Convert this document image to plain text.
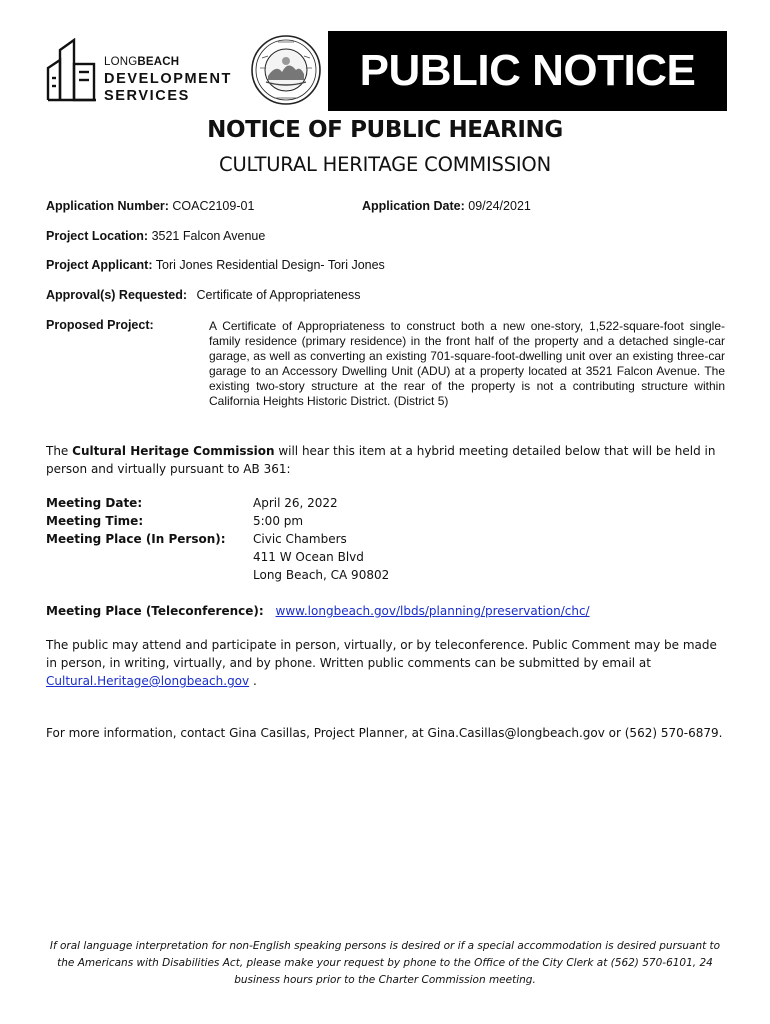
LONGBEACH
DEVELOPMENT
SERVICES
PUBLIC NOTICE
NOTICE OF PUBLIC HEARING
CULTURAL HERITAGE COMMISSION
Application Number: COAC2109-01	Application Date: 09/24/2021
Project Location: 3521 Falcon Avenue
Project Applicant: Tori Jones Residential Design- Tori Jones
Approval(s) Requested: Certificate of Appropriateness
Proposed Project:	A Certificate of Appropriateness to construct both a new one-story, 1,522-square-foot single-family residence (primary residence) in the front half of the property and a detached single-car garage, as well as converting an existing 701-square-foot-dwelling unit over an existing three-car garage to an Accessory Dwelling Unit (ADU) at a property located at 3521 Falcon Avenue. The existing two-story structure at the rear of the property is not a contributing structure within California Heights Historic District. (District 5)
The Cultural Heritage Commission will hear this item at a hybrid meeting detailed below that will be held in person and virtually pursuant to AB 361:
Meeting Date:	April 26, 2022
Meeting Time:	5:00 pm
Meeting Place (In Person): Civic Chambers
411 W Ocean Blvd
Long Beach, CA 90802
Meeting Place (Teleconference): www.longbeach.gov/lbds/planning/preservation/chc/
The public may attend and participate in person, virtually, or by teleconference. Public Comment may be made in person, in writing, virtually, and by phone. Written public comments can be submitted by email at
Cultural.Heritage@longbeach.gov .
For more information, contact Gina Casillas, Project Planner, at Gina.Casillas@longbeach.gov or (562) 570-6879.
If oral language interpretation for non-English speaking persons is desired or if a special accommodation is desired pursuant to the Americans with Disabilities Act, please make your request by phone to the Office of the City Clerk at (562) 570-6101, 24 business hours prior to the Charter Commission meeting.
